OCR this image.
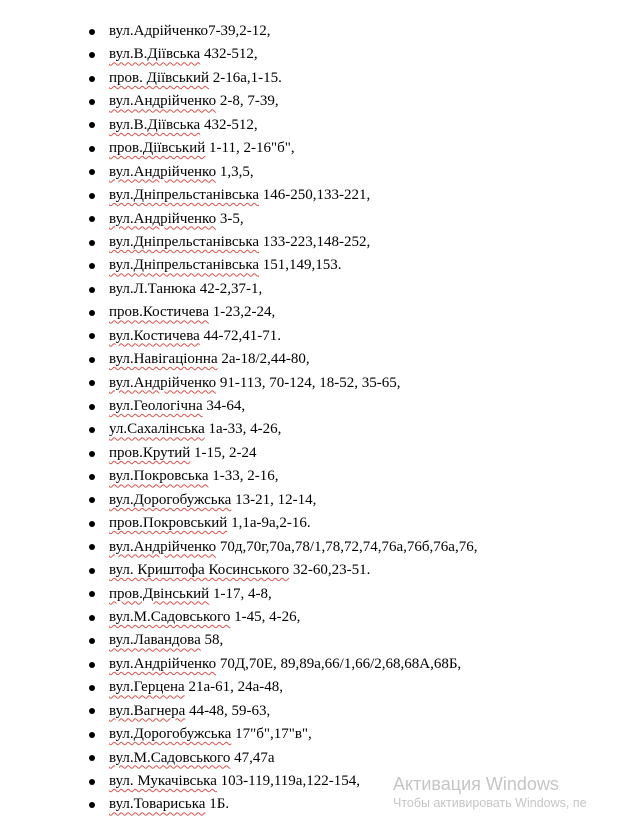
вул.Адрійченко7-39,2-12,
вул.В.Діївська 432-512,
пров. Діївський 2-16а,1-15.
вул.Андрійченко 2-8, 7-39,
вул.В.Діївська 432-512,
пров.Діївський 1-11, 2-16"б",
вул.Андрійченко 1,3,5,
вул.Дніпрельстанівська 146-250,133-221,
вул.Андрійченко 3-5,
вул.Дніпрельстанівська 133-223,148-252,
вул.Дніпрельстанівська 151,149,153.
вул.Л.Танюка 42-2,37-1,
пров.Костичева 1-23,2-24,
вул.Костичева 44-72,41-71.
вул.Навігаціонна 2а-18/2,44-80,
вул.Андрійченко 91-113, 70-124, 18-52, 35-65,
вул.Геологічна 34-64,
ул.Сахалінська 1а-33, 4-26,
пров.Крутий 1-15, 2-24
вул.Покровська 1-33, 2-16,
вул.Дорогобужська 13-21, 12-14,
пров.Покровський 1,1а-9а,2-16.
вул.Андрійченко 70д,70г,70а,78/1,78,72,74,76а,76б,76а,76,
вул. Криштофа Косинського 32-60,23-51.
пров.Двінський 1-17, 4-8,
вул.М.Садовського 1-45, 4-26,
вул.Лавандова 58,
вул.Андрійченко 70Д,70Е, 89,89а,66/1,66/2,68,68А,68Б,
вул.Герцена 21а-61, 24а-48,
вул.Вагнера 44-48, 59-63,
вул.Дорогобужська 17"б",17"в",
вул.М.Садовського 47,47а
вул. Мукачівська 103-119,119а,122-154,
вул.Товариська 1Б.
Активация Windows
Чтобы активировать Windows, пе
